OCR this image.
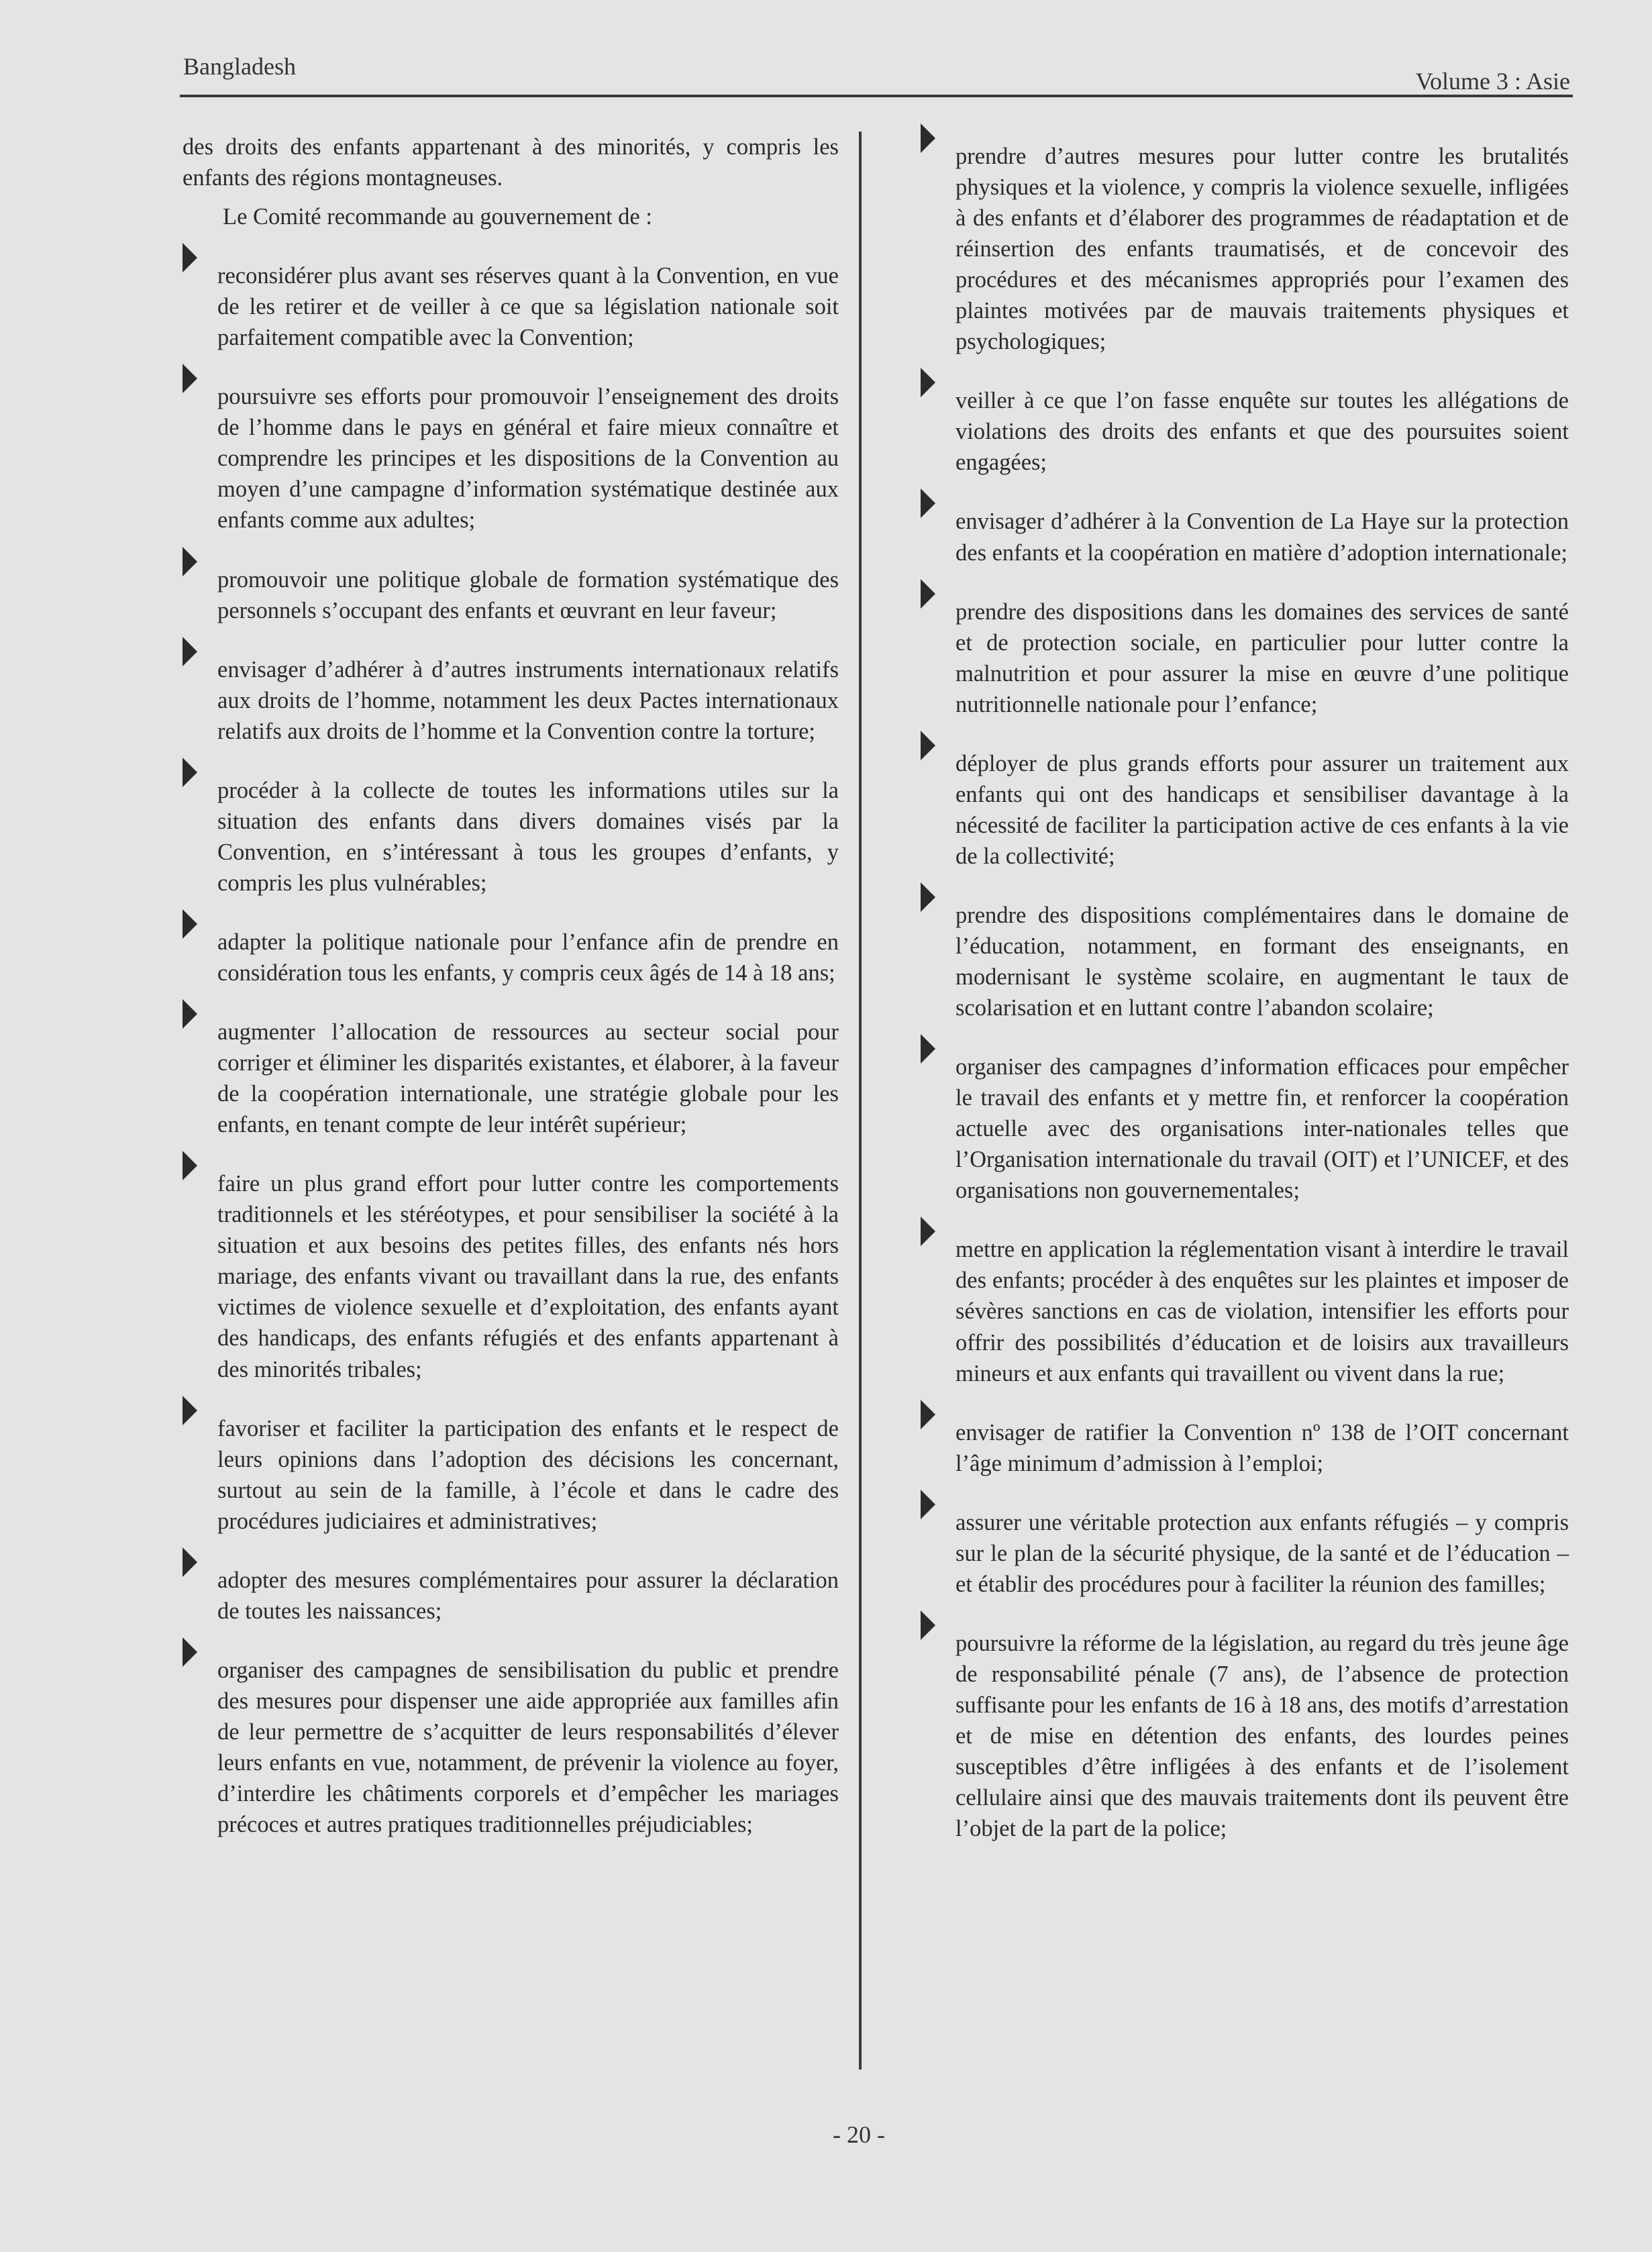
Bangladesh
Volume 3 : Asie

des droits des enfants appartenant à des minorités, y compris les enfants des régions montagneuses.

Le Comité recommande au gouvernement de :

reconsidérer plus avant ses réserves quant à la Convention, en vue de les retirer et de veiller à ce que sa législation nationale soit parfaitement compatible avec la Convention;
poursuivre ses efforts pour promouvoir l’enseignement des droits de l’homme dans le pays en général et faire mieux connaître et comprendre les principes et les dispositions de la Convention au moyen d’une campagne d’information systématique destinée aux enfants comme aux adultes;
promouvoir une politique globale de formation systématique des personnels s’occupant des enfants et œuvrant en leur faveur;
envisager d’adhérer à d’autres instruments internationaux relatifs aux droits de l’homme, notamment les deux Pactes internationaux relatifs aux droits de l’homme et la Convention contre la torture;
procéder à la collecte de toutes les informations utiles sur la situation des enfants dans divers domaines visés par la Convention, en s’intéressant à tous les groupes d’enfants, y compris les plus vulnérables;
adapter la politique nationale pour l’enfance afin de prendre en considération tous les enfants, y compris ceux âgés de 14 à 18 ans;
augmenter l’allocation de ressources au secteur social pour corriger et éliminer les disparités existantes, et élaborer, à la faveur de la coopération internationale, une stratégie globale pour les enfants, en tenant compte de leur intérêt supérieur;
faire un plus grand effort pour lutter contre les comportements traditionnels et les stéréotypes, et pour sensibiliser la société à la situation et aux besoins des petites filles, des enfants nés hors mariage, des enfants vivant ou travaillant dans la rue, des enfants victimes de violence sexuelle et d’exploitation, des enfants ayant des handicaps, des enfants réfugiés et des enfants appartenant à des minorités tribales;
favoriser et faciliter la participation des enfants et le respect de leurs opinions dans l’adoption des décisions les concernant, surtout au sein de la famille, à l’école et dans le cadre des procédures judiciaires et administratives;
adopter des mesures complémentaires pour assurer la déclaration de toutes les naissances;
organiser des campagnes de sensibilisation du public et prendre des mesures pour dispenser une aide appropriée aux familles afin de leur permettre de s’acquitter de leurs responsabilités d’élever leurs enfants en vue, notamment, de prévenir la violence au foyer, d’interdire les châtiments corporels et d’empêcher les mariages précoces et autres pratiques traditionnelles préjudiciables;
prendre d’autres mesures pour lutter contre les brutalités physiques et la violence, y compris la violence sexuelle, infligées à des enfants et d’élaborer des programmes de réadaptation et de réinsertion des enfants traumatisés, et de concevoir des procédures et des mécanismes appropriés pour l’examen des plaintes motivées par de mauvais traitements physiques et psychologiques;
veiller à ce que l’on fasse enquête sur toutes les allégations de violations des droits des enfants et que des poursuites soient engagées;
envisager d’adhérer à la Convention de La Haye sur la protection des enfants et la coopération en matière d’adoption internationale;
prendre des dispositions dans les domaines des services de santé et de protection sociale, en particulier pour lutter contre la malnutrition et pour assurer la mise en œuvre d’une politique nutritionnelle nationale pour l’enfance;
déployer de plus grands efforts pour assurer un traitement aux enfants qui ont des handicaps et sensibiliser davantage à la nécessité de faciliter la participation active de ces enfants à la vie de la collectivité;
prendre des dispositions complémentaires dans le domaine de l’éducation, notamment, en formant des enseignants, en modernisant le système scolaire, en augmentant le taux de scolarisation et en luttant contre l’abandon scolaire;
organiser des campagnes d’information efficaces pour empêcher le travail des enfants et y mettre fin, et renforcer la coopération actuelle avec des organisations inter-nationales telles que l’Organisation internationale du travail (OIT) et l’UNICEF, et des organisations non gouvernementales;
mettre en application la réglementation visant à interdire le travail des enfants; procéder à des enquêtes sur les plaintes et imposer de sévères sanctions en cas de violation, intensifier les efforts pour offrir des possibilités d’éducation et de loisirs aux travailleurs mineurs et aux enfants qui travaillent ou vivent dans la rue;
envisager de ratifier la Convention nº 138 de l’OIT concernant l’âge minimum d’admission à l’emploi;
assurer une véritable protection aux enfants réfugiés – y compris sur le plan de la sécurité physique, de la santé et de l’éducation – et établir des procédures pour à faciliter la réunion des familles;
poursuivre la réforme de la législation, au regard du très jeune âge de responsabilité pénale (7 ans), de l’absence de protection suffisante pour les enfants de 16 à 18 ans, des motifs d’arrestation et de mise en détention des enfants, des lourdes peines susceptibles d’être infligées à des enfants et de l’isolement cellulaire ainsi que des mauvais traitements dont ils peuvent être l’objet de la part de la police;
- 20 -
